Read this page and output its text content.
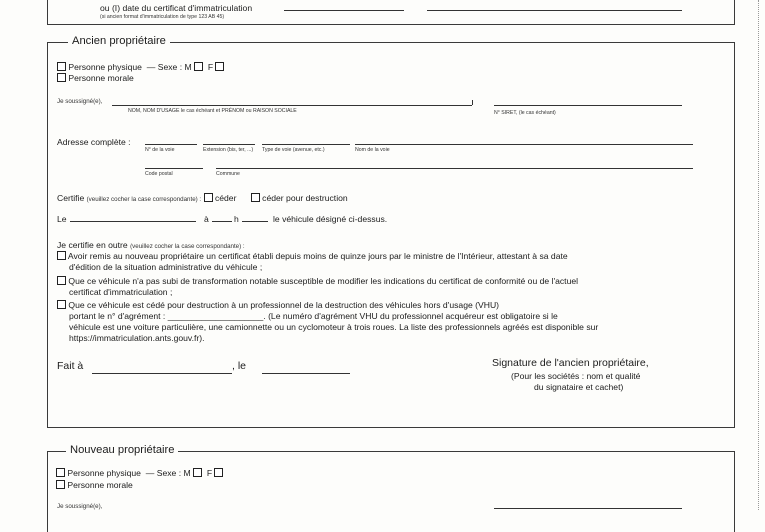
ou (I) date du certificat d'immatriculation
(si ancien format d'immatriculation de type 123 AB 45)
Ancien propriétaire
Personne physique — Sexe : M F
Personne morale
Je soussigné(e),
NOM, NOM D'USAGE le cas échéant et PRÉNOM ou RAISON SOCIALE	N° SIRET, (le cas échéant)
Adresse complète :
N° de la voie	Extension (bis, ter, ...) Type de voie (avenue, etc.)	Nom de la voie
Code postal	Commune
Certifie (veuillez cocher la case correspondante) : céder	céder pour destruction
Le	à	h	le véhicule désigné ci-dessus.
Je certifie en outre (veuillez cocher la case correspondante) :
Avoir remis au nouveau propriétaire un certificat établi depuis moins de quinze jours par le ministre de l'Intérieur, attestant à sa date
d'édition de la situation administrative du véhicule ;
Que ce véhicule n'a pas subi de transformation notable susceptible de modifier les indications du certificat de conformité ou de l'actuel
certificat d'immatriculation ;
Que ce véhicule est cédé pour destruction à un professionnel de la destruction des véhicules hors d'usage (VHU)
portant le n° d'agrément : ____________________. (Le numéro d'agrément VHU du professionnel acquéreur est obligatoire si le
véhicule est une voiture particulière, une camionnette ou un cyclomoteur à trois roues. La liste des professionnels agréés est disponible sur
https://immatriculation.ants.gouv.fr).
Fait à	, le	Signature de l'ancien propriétaire,
(Pour les sociétés : nom et qualité
du signataire et cachet)
Nouveau propriétaire
Personne physique — Sexe : M F
Personne morale
Je soussigné(e),
